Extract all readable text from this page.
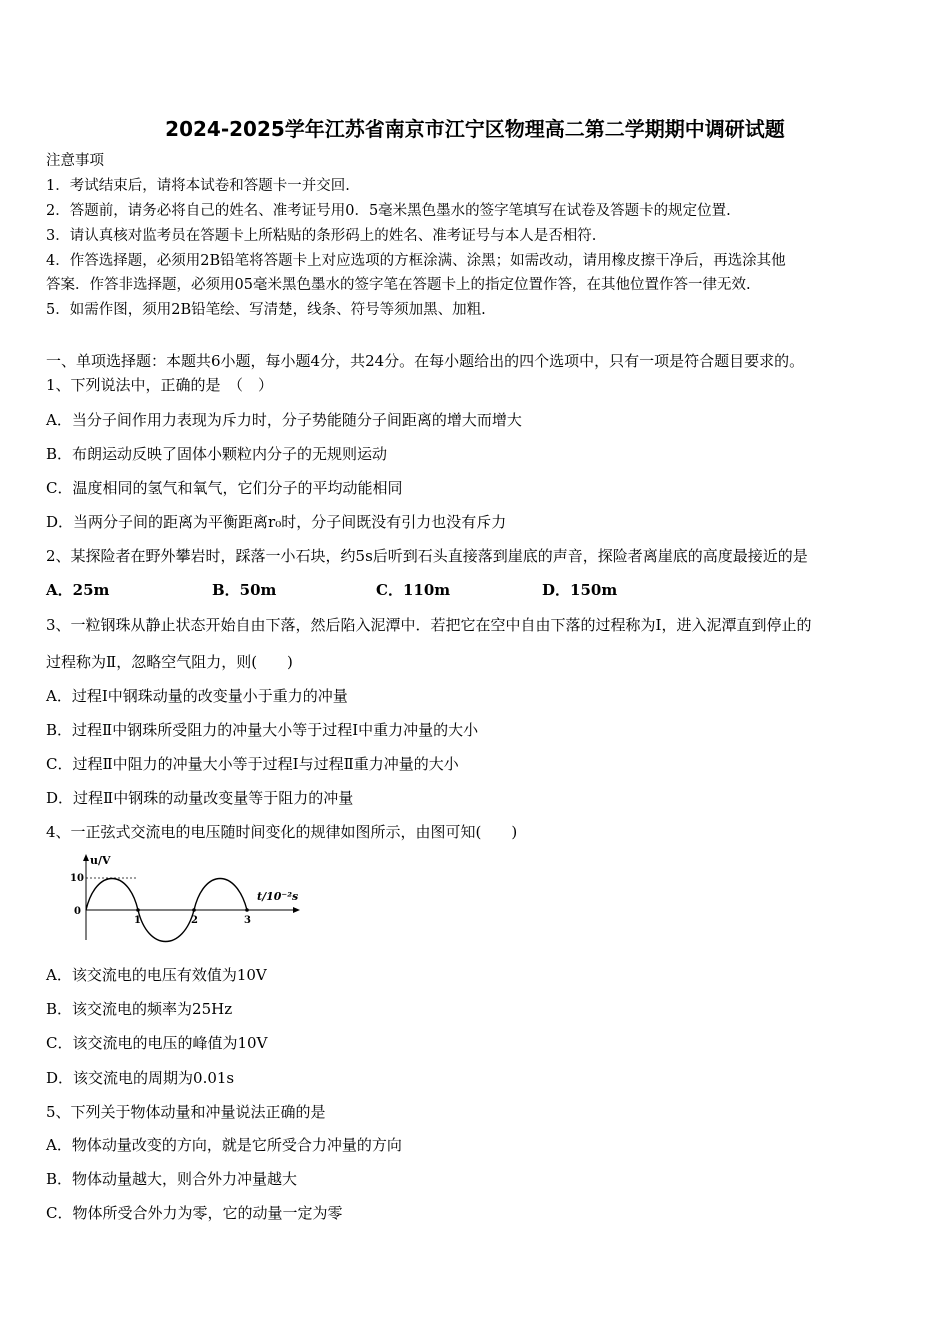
2024-2025学年江苏省南京市江宁区物理高二第二学期期中调研试题
注意事项
1．考试结束后，请将本试卷和答题卡一并交回.
2．答题前，请务必将自己的姓名、准考证号用0．5毫米黑色墨水的签字笔填写在试卷及答题卡的规定位置.
3．请认真核对监考员在答题卡上所粘贴的条形码上的姓名、准考证号与本人是否相符.
4．作答选择题，必须用2B铅笔将答题卡上对应选项的方框涂满、涂黑；如需改动，请用橡皮擦干净后，再选涂其他
答案．作答非选择题，必须用05毫米黑色墨水的签字笔在答题卡上的指定位置作答，在其他位置作答一律无效.
5．如需作图，须用2B铅笔绘、写清楚，线条、符号等须加黑、加粗.
一、单项选择题：本题共6小题，每小题4分，共24分。在每小题给出的四个选项中，只有一项是符合题目要求的。
1、下列说法中，正确的是　（　）
A．当分子间作用力表现为斥力时，分子势能随分子间距离的增大而增大
B．布朗运动反映了固体小颗粒内分子的无规则运动
C．温度相同的氢气和氧气，它们分子的平均动能相同
D．当两分子间的距离为平衡距离r₀时，分子间既没有引力也没有斥力
2、某探险者在野外攀岩时，踩落一小石块，约5s后听到石头直接落到崖底的声音，探险者离崖底的高度最接近的是
A．25m	B．50m	C．110m	D．150m
3、一粒钢珠从静止状态开始自由下落，然后陷入泥潭中．若把它在空中自由下落的过程称为Ⅰ，进入泥潭直到停止的
过程称为Ⅱ，忽略空气阻力，则(　　)
A．过程Ⅰ中钢珠动量的改变量小于重力的冲量
B．过程Ⅱ中钢珠所受阻力的冲量大小等于过程Ⅰ中重力冲量的大小
C．过程Ⅱ中阻力的冲量大小等于过程Ⅰ与过程Ⅱ重力冲量的大小
D．过程Ⅱ中钢珠的动量改变量等于阻力的冲量
4、一正弦式交流电的电压随时间变化的规律如图所示，由图可知(　　)
u/V
10
0
1	2	3
t/10⁻²s
A．该交流电的电压有效值为10V
B．该交流电的频率为25Hz
C．该交流电的电压的峰值为10V
D．该交流电的周期为0.01s
5、下列关于物体动量和冲量说法正确的是
A．物体动量改变的方向，就是它所受合力冲量的方向
B．物体动量越大，则合外力冲量越大
C．物体所受合外力为零，它的动量一定为零
